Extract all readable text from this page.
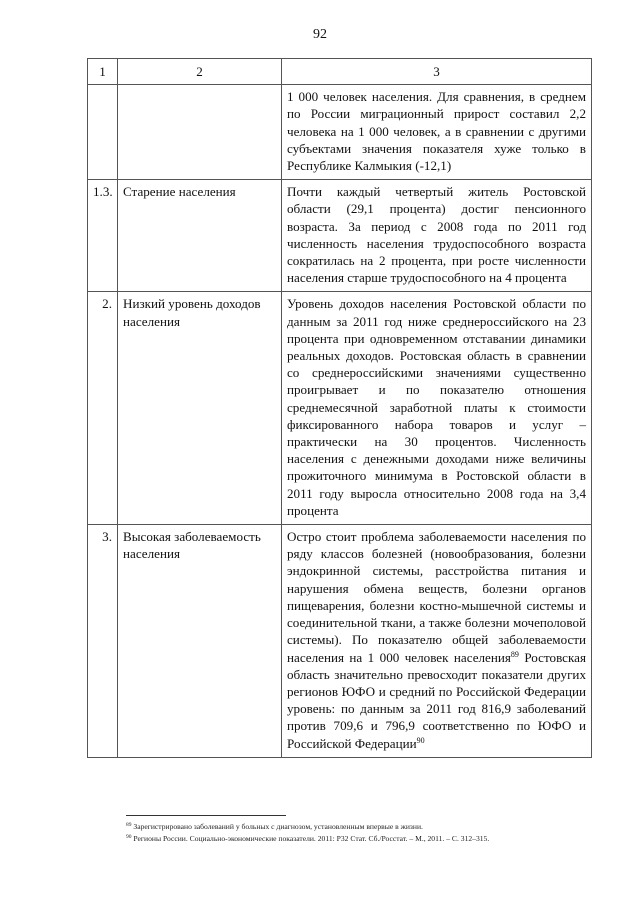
92
1	2	3
		1 000 человек населения. Для сравнения, в среднем по России миграционный прирост составил 2,2 человека на 1 000 человек, а в сравнении с другими субъектами значения показателя хуже только в Республике Калмыкия (-12,1)
1.3.	Старение населения	Почти каждый четвертый житель Ростовской области (29,1 процента) достиг пенсионного возраста. За период с 2008 года по 2011 год численность населения трудоспособного возраста сократилась на 2 процента, при росте численности населения старше трудоспособного на 4 процента
2.	Низкий уровень доходов населения	Уровень доходов населения Ростовской области по данным за 2011 год ниже среднероссийского на 23 процента при одновременном отставании динамики реальных доходов. Ростовская область в сравнении со среднероссийскими значениями существенно проигрывает и по показателю отношения среднемесячной заработной платы к стоимости фиксированного набора товаров и услуг – практически на 30 процентов. Численность населения с денежными доходами ниже величины прожиточного минимума в Ростовской области в 2011 году выросла относительно 2008 года на 3,4 процента
3.	Высокая заболеваемость населения	Остро стоит проблема заболеваемости населения по ряду классов болезней (новообразования, болезни эндокринной системы, расстройства питания и нарушения обмена веществ, болезни органов пищеварения, болезни костно-мышечной системы и соединительной ткани, а также болезни мочеполовой системы). По показателю общей заболеваемости населения на 1 000 человек населения$^{89}$ Ростовская область значительно превосходит показатели других регионов ЮФО и средний по Российской Федерации уровень: по данным за 2011 год 816,9 заболеваний против 709,6 и 796,9 соответственно по ЮФО и Российской Федерации$^{90}$
$^{89}$ Зарегистрировано заболеваний у больных с диагнозом, установленным впервые в жизни.
$^{90}$ Регионы России. Социально-экономические показатели. 2011: Р32 Стат. Сб./Росстат. – М., 2011. – С. 312–315.
